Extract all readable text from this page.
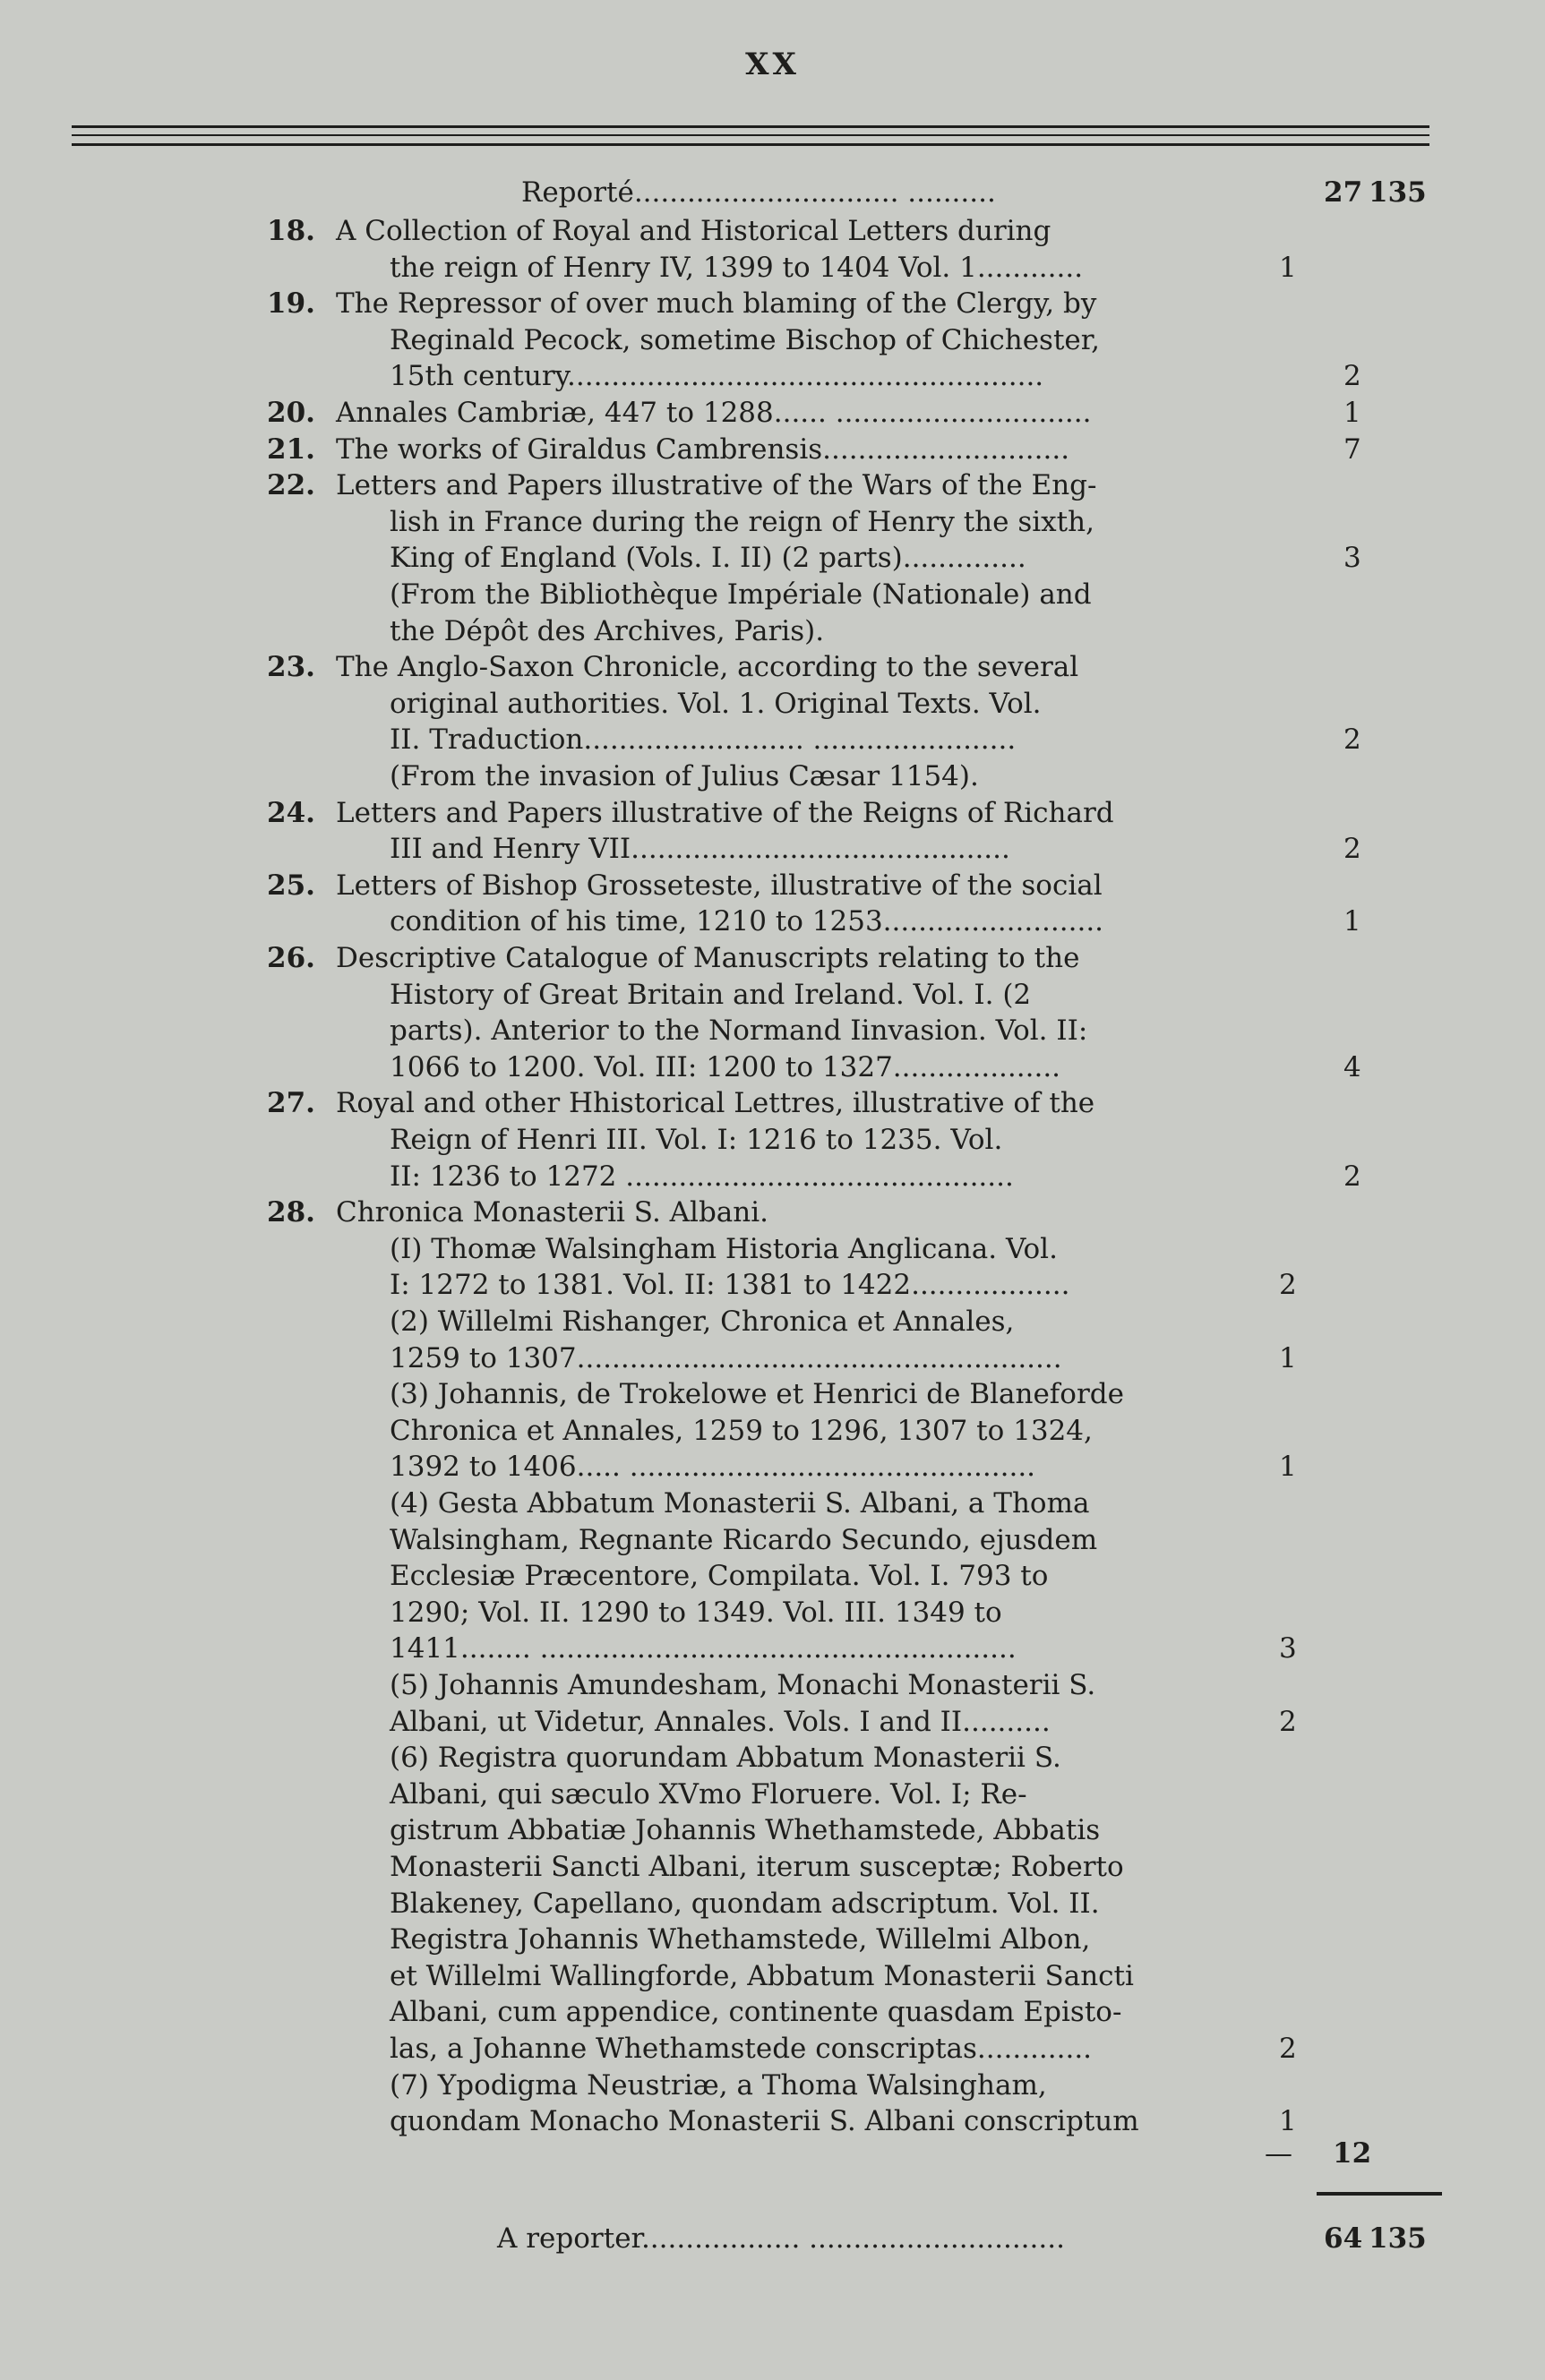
XX
Reporté.............................. ..........	27 135
18. A Collection of Royal and Historical Letters during
the reign of Henry IV, 1399 to 1404 Vol. 1............	1
19. The Repressor of over much blaming of the Clergy, by
Reginald Pecock, sometime Bischop of Chichester,
15th century......................................................	2
20. Annales Cambriæ, 447 to 1288...... .............................	1
21. The works of Giraldus Cambrensis............................	7
22. Letters and Papers illustrative of the Wars of the Eng-
lish in France during the reign of Henry the sixth,
King of England (Vols. I. II) (2 parts)..............	3
(From the Bibliothèque Impériale (Nationale) and
the Dépôt des Archives, Paris).
23. The Anglo-Saxon Chronicle, according to the several
original authorities. Vol. 1. Original Texts. Vol.
II. Traduction......................... .......................	2
(From the invasion of Julius Cæsar 1154).
24. Letters and Papers illustrative of the Reigns of Richard
III and Henry VII...........................................	2
25. Letters of Bishop Grosseteste, illustrative of the social
condition of his time, 1210 to 1253.........................	1
26. Descriptive Catalogue of Manuscripts relating to the
History of Great Britain and Ireland. Vol. I. (2
parts). Anterior to the Normand Iinvasion. Vol. II:
1066 to 1200. Vol. III: 1200 to 1327...................	4
27. Royal and other Hhistorical Lettres, illustrative of the
Reign of Henri III. Vol. I: 1216 to 1235. Vol.
II: 1236 to 1272 ............................................	2
28. Chronica Monasterii S. Albani.
(I) Thomæ Walsingham Historia Anglicana. Vol.
I: 1272 to 1381. Vol. II: 1381 to 1422..................	2
(2) Willelmi Rishanger, Chronica et Annales,
1259 to 1307.......................................................	1
(3) Johannis, de Trokelowe et Henrici de Blaneforde
Chronica et Annales, 1259 to 1296, 1307 to 1324,
1392 to 1406..... ..............................................	1
(4) Gesta Abbatum Monasterii S. Albani, a Thoma
Walsingham, Regnante Ricardo Secundo, ejusdem
Ecclesiæ Præcentore, Compilata. Vol. I. 793 to
1290; Vol. II. 1290 to 1349. Vol. III. 1349 to
1411........ ......................................................	3
(5) Johannis Amundesham, Monachi Monasterii S.
Albani, ut Videtur, Annales. Vols. I and II..........	2
(6) Registra quorundam Abbatum Monasterii S.
Albani, qui sæculo XVmo Floruere. Vol. I; Re-
gistrum Abbatiæ Johannis Whethamstede, Abbatis
Monasterii Sancti Albani, iterum susceptæ; Roberto
Blakeney, Capellano, quondam adscriptum. Vol. II.
Registra Johannis Whethamstede, Willelmi Albon,
et Willelmi Wallingforde, Abbatum Monasterii Sancti
Albani, cum appendice, continente quasdam Episto-
las, a Johanne Whethamstede conscriptas.............	2
(7) Ypodigma Neustriæ, a Thoma Walsingham,
quondam Monacho Monasterii S. Albani conscriptum	1
— 12
A reporter.................. .............................	64 135
